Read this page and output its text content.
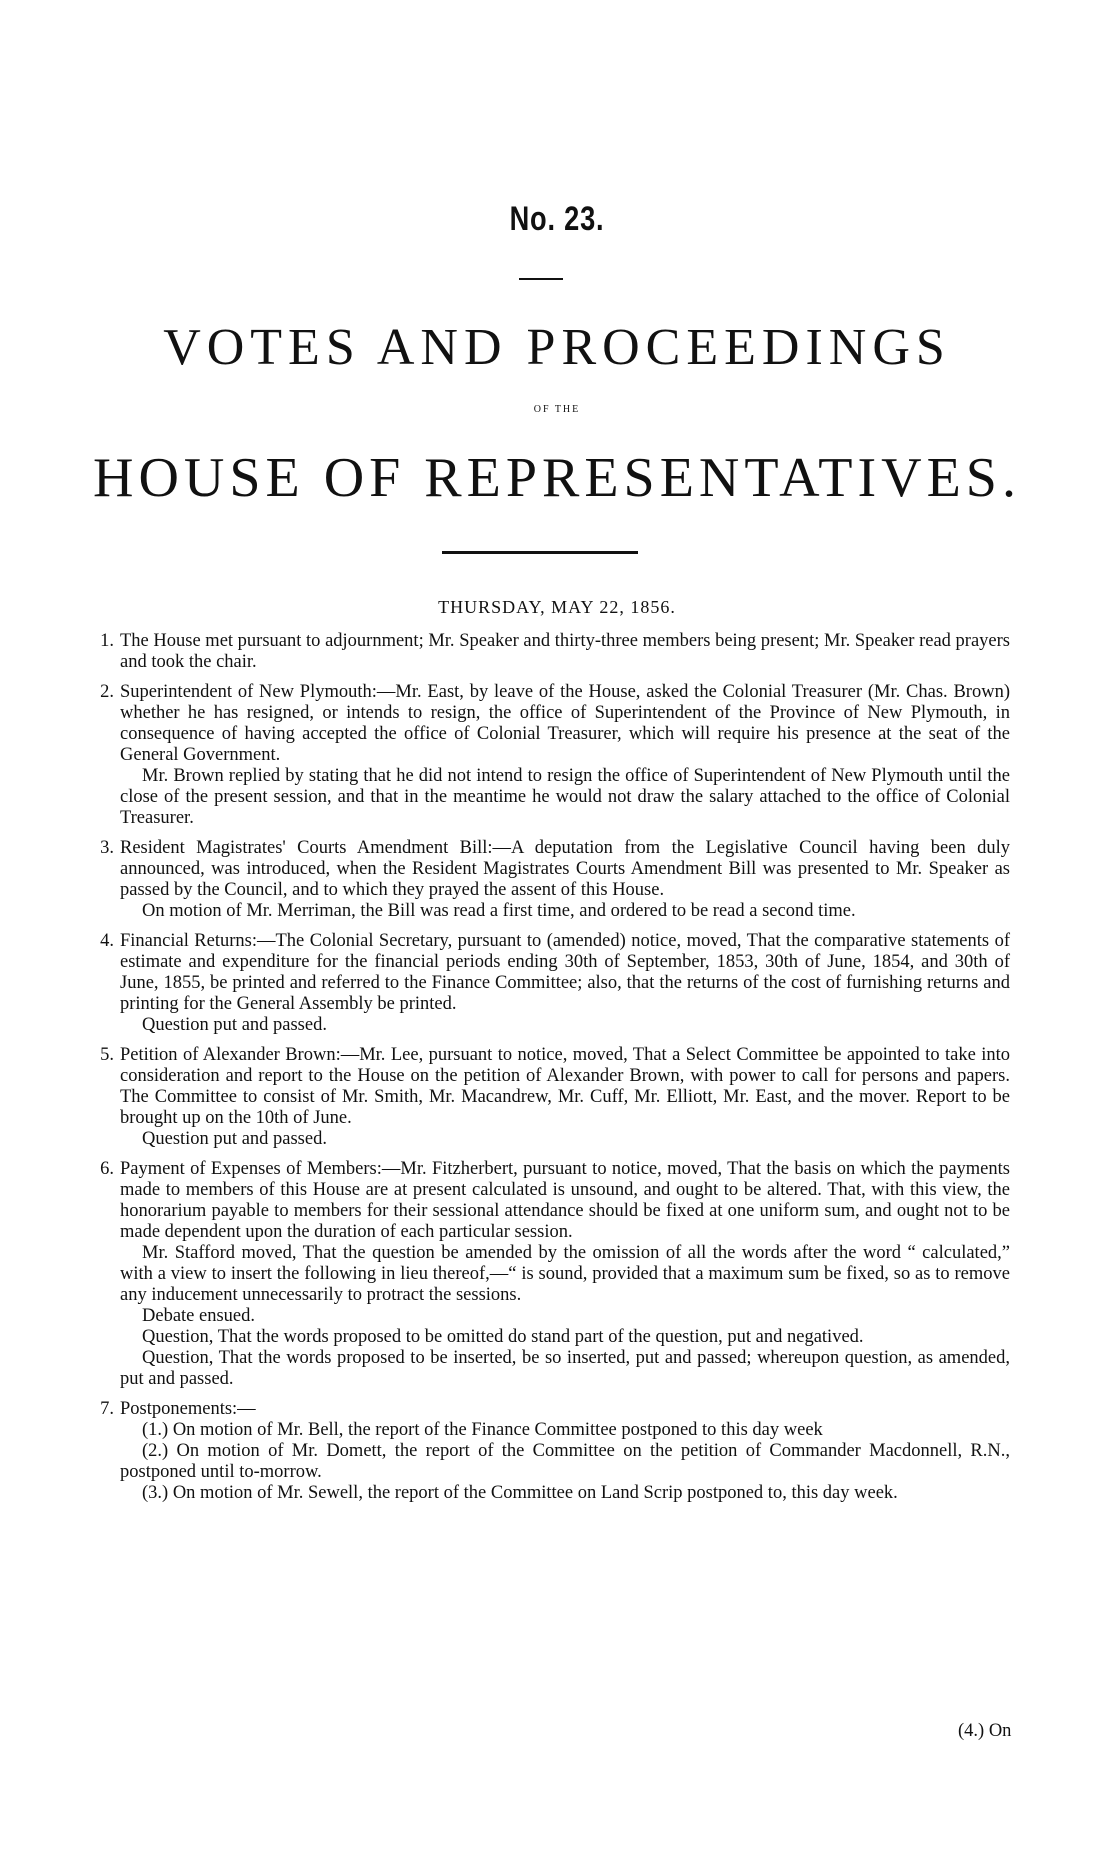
No. 23.
VOTES AND PROCEEDINGS
OF THE
HOUSE OF REPRESENTATIVES.
THURSDAY, MAY 22, 1856.
1. The House met pursuant to adjournment; Mr. Speaker and thirty-three members being present; Mr. Speaker read prayers and took the chair.

2. Superintendent of New Plymouth:—Mr. East, by leave of the House, asked the Colonial Treasurer (Mr. Chas. Brown) whether he has resigned, or intends to resign, the office of Superintendent of the Province of New Plymouth, in consequence of having accepted the office of Colonial Treasurer, which will require his presence at the seat of the General Government.

Mr. Brown replied by stating that he did not intend to resign the office of Superintendent of New Plymouth until the close of the present session, and that in the meantime he would not draw the salary attached to the office of Colonial Treasurer.

3. Resident Magistrates' Courts Amendment Bill:—A deputation from the Legislative Council having been duly announced, was introduced, when the Resident Magistrates Courts Amendment Bill was presented to Mr. Speaker as passed by the Council, and to which they prayed the assent of this House.

On motion of Mr. Merriman, the Bill was read a first time, and ordered to be read a second time.

4. Financial Returns:—The Colonial Secretary, pursuant to (amended) notice, moved, That the comparative statements of estimate and expenditure for the financial periods ending 30th of September, 1853, 30th of June, 1854, and 30th of June, 1855, be printed and referred to the Finance Committee; also, that the returns of the cost of furnishing returns and printing for the General Assembly be printed.

Question put and passed.

5. Petition of Alexander Brown:—Mr. Lee, pursuant to notice, moved, That a Select Committee be appointed to take into consideration and report to the House on the petition of Alexander Brown, with power to call for persons and papers. The Committee to consist of Mr. Smith, Mr. Macandrew, Mr. Cuff, Mr. Elliott, Mr. East, and the mover. Report to be brought up on the 10th of June.

Question put and passed.

6. Payment of Expenses of Members:—Mr. Fitzherbert, pursuant to notice, moved, That the basis on which the payments made to members of this House are at present calculated is unsound, and ought to be altered. That, with this view, the honorarium payable to members for their sessional attendance should be fixed at one uniform sum, and ought not to be made dependent upon the duration of each particular session.

Mr. Stafford moved, That the question be amended by the omission of all the words after the word “ calculated,” with a view to insert the following in lieu thereof,—“ is sound, provided that a maximum sum be fixed, so as to remove any inducement unnecessarily to protract the sessions.

Debate ensued.

Question, That the words proposed to be omitted do stand part of the question, put and negatived.

Question, That the words proposed to be inserted, be so inserted, put and passed; whereupon question, as amended, put and passed.

7. Postponements:—

(1.) On motion of Mr. Bell, the report of the Finance Committee postponed to this day week

(2.) On motion of Mr. Domett, the report of the Committee on the petition of Commander Macdonnell, R.N., postponed until to-morrow.

(3.) On motion of Mr. Sewell, the report of the Committee on Land Scrip postponed to, this day week.

(4.) On
